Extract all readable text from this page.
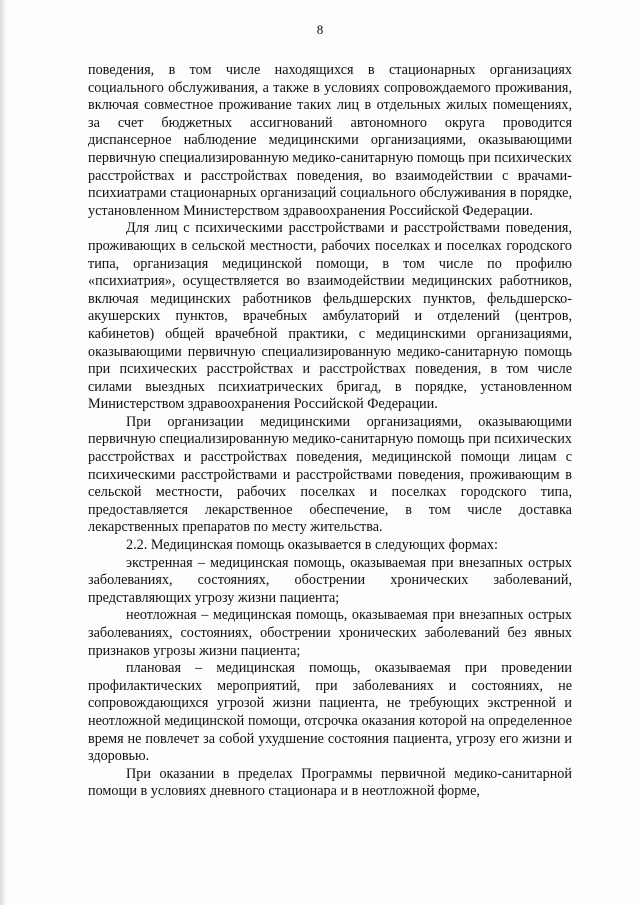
8

поведения, в том числе находящихся в стационарных организациях социального обслуживания, а также в условиях сопровождаемого проживания, включая совместное проживание таких лиц в отдельных жилых помещениях, за счет бюджетных ассигнований автономного округа проводится диспансерное наблюдение медицинскими организациями, оказывающими первичную специализированную медико-санитарную помощь при психических расстройствах и расстройствах поведения, во взаимодействии с врачами-психиатрами стационарных организаций социального обслуживания в порядке, установленном Министерством здравоохранения Российской Федерации.

Для лиц с психическими расстройствами и расстройствами поведения, проживающих в сельской местности, рабочих поселках и поселках городского типа, организация медицинской помощи, в том числе по профилю «психиатрия», осуществляется во взаимодействии медицинских работников, включая медицинских работников фельдшерских пунктов, фельдшерско-акушерских пунктов, врачебных амбулаторий и отделений (центров, кабинетов) общей врачебной практики, с медицинскими организациями, оказывающими первичную специализированную медико-санитарную помощь при психических расстройствах и расстройствах поведения, в том числе силами выездных психиатрических бригад, в порядке, установленном Министерством здравоохранения Российской Федерации.

При организации медицинскими организациями, оказывающими первичную специализированную медико-санитарную помощь при психических расстройствах и расстройствах поведения, медицинской помощи лицам с психическими расстройствами и расстройствами поведения, проживающим в сельской местности, рабочих поселках и поселках городского типа, предоставляется лекарственное обеспечение, в том числе доставка лекарственных препаратов по месту жительства.

2.2. Медицинская помощь оказывается в следующих формах:

экстренная – медицинская помощь, оказываемая при внезапных острых заболеваниях, состояниях, обострении хронических заболеваний, представляющих угрозу жизни пациента;

неотложная – медицинская помощь, оказываемая при внезапных острых заболеваниях, состояниях, обострении хронических заболеваний без явных признаков угрозы жизни пациента;

плановая – медицинская помощь, оказываемая при проведении профилактических мероприятий, при заболеваниях и состояниях, не сопровождающихся угрозой жизни пациента, не требующих экстренной и неотложной медицинской помощи, отсрочка оказания которой на определенное время не повлечет за собой ухудшение состояния пациента, угрозу его жизни и здоровью.

При оказании в пределах Программы первичной медико-санитарной помощи в условиях дневного стационара и в неотложной форме,
